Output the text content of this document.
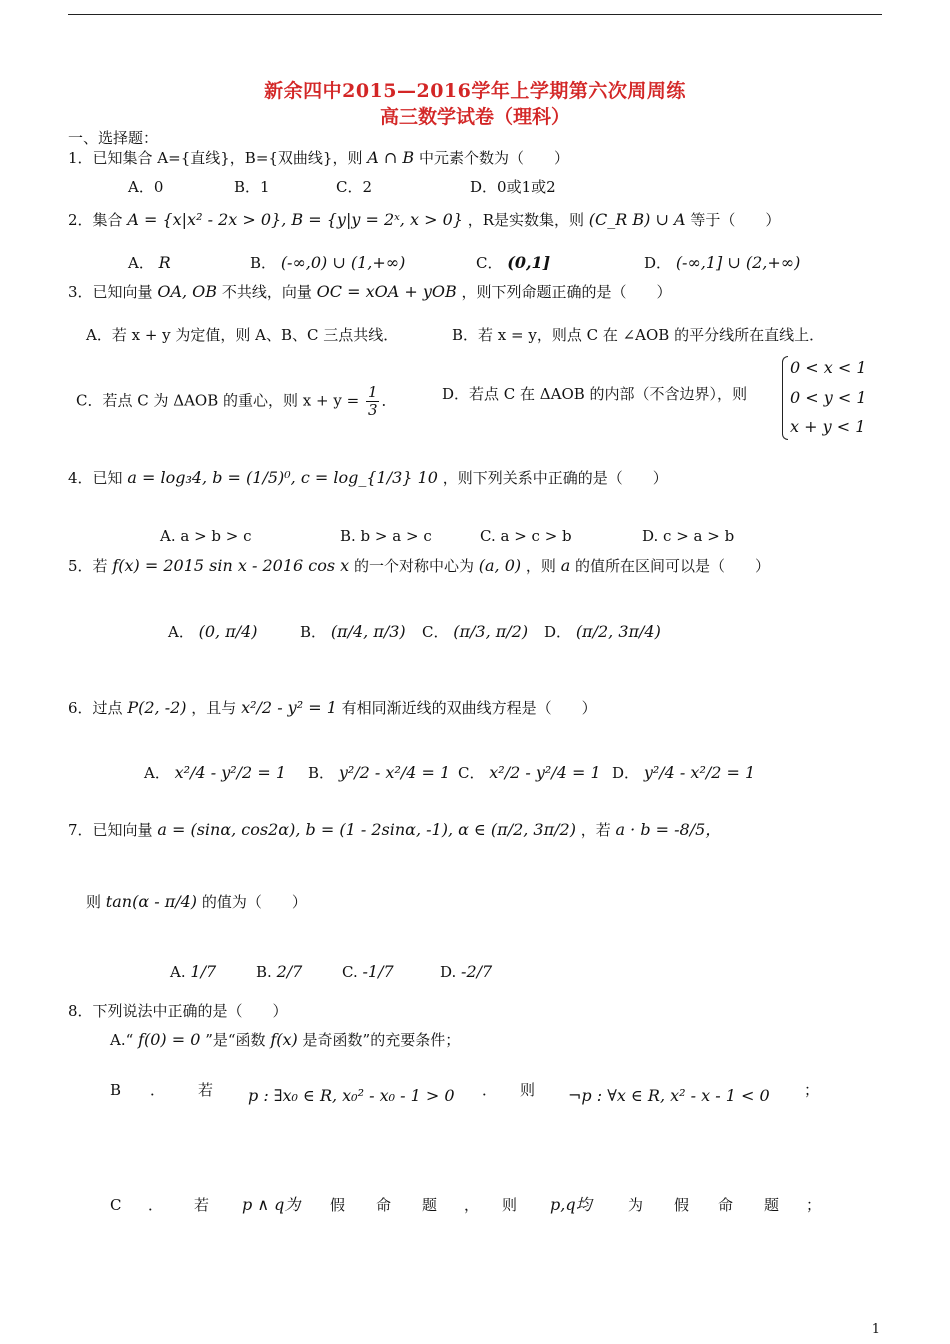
新余四中2015—2016学年上学期第六次周周练
高三数学试卷（理科）
一、选择题：
1．已知集合 A={直线}，B={双曲线}，则 A ∩ B 中元素个数为（　　）
A．0	B．1	C．2	D．0或1或2
2．集合 A = {x|x² - 2x > 0}, B = {y|y = 2ˣ, x > 0} ，R是实数集，则 (C_R B) ∪ A 等于（　　）
A． R	B． (-∞,0) ∪ (1,+∞)	C． (0,1]	D． (-∞,1] ∪ (2,+∞)
3．已知向量 OA, OB 不共线，向量 OC = xOA + yOB ，则下列命题正确的是（　　）
A．若 x + y 为定值，则 A、B、C 三点共线．	B．若 x = y，则点 C 在 ∠AOB 的平分线所在直线上．
C．若点 C 为 ΔAOB 的重心，则 $x + y = \frac{1}{3}$ ．	D．若点 C 在 ΔAOB 的内部（不含边界），则
0 < x < 1
0 < y < 1
x + y < 1
4．已知 a = log₃4, b = (1/5)⁰, c = log_{1/3} 10 ，则下列关系中正确的是（　　）
A. a > b > c	B. b > a > c	C. a > c > b	D. c > a > b
5．若 f(x) = 2015 sin x - 2016 cos x 的一个对称中心为 (a, 0) ，则 a 的值所在区间可以是（　　）
A． (0, π/4)	B． (π/4, π/3) C． (π/3, π/2) D． (π/2, 3π/4)
6．过点 P(2, -2) ，且与 x²/2 - y² = 1 有相同渐近线的双曲线方程是（　　）
A． x²/4 - y²/2 = 1 B． y²/2 - x²/4 = 1 C． x²/2 - y²/4 = 1 D． y²/4 - x²/2 = 1
7．已知向量 a = (sinα, cos2α), b = (1 - 2sinα, -1), α ∈ (π/2, 3π/2) ，若 a · b = -8/5，
则 tan(α - π/4) 的值为（　　）
A. 1/7	B. 2/7	C. -1/7	D. -2/7
8．下列说法中正确的是（　　）
A.“ f(0) = 0 ”是“函数 f(x) 是奇函数”的充要条件；
B ． 若 p : ∃x₀ ∈ R, x₀² - x₀ - 1 > 0 ． 则 ¬p : ∀x ∈ R, x² - x - 1 < 0 ；
C ． 若 p ∧ q为 假 命 题 ， 则 p,q均 为 假 命 题 ；
1
